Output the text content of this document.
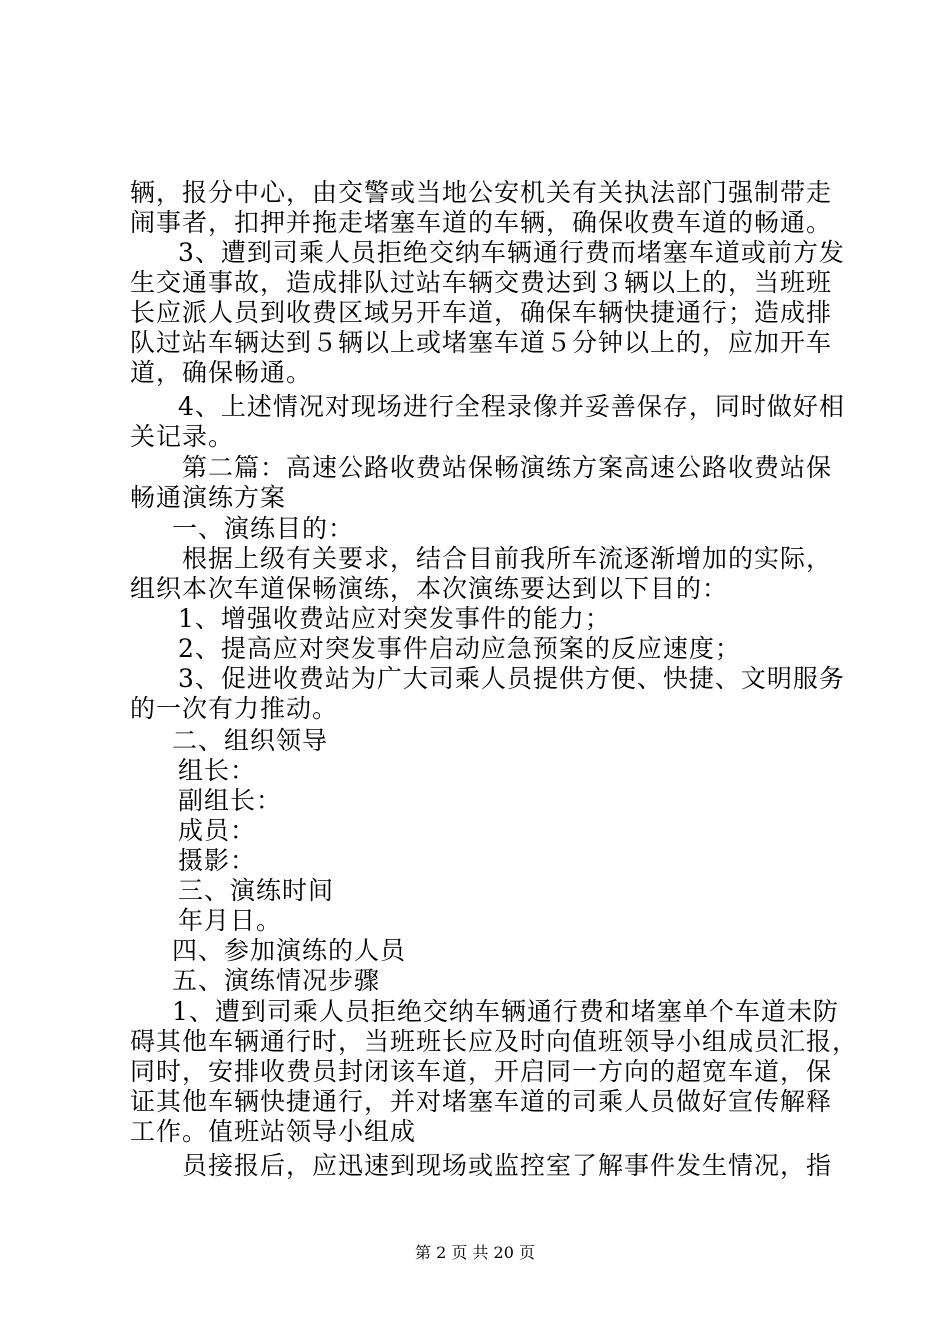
辆，报分中心，由交警或当地公安机关有关执法部门强制带走
闹事者，扣押并拖走堵塞车道的车辆，确保收费车道的畅通。
3、遭到司乘人员拒绝交纳车辆通行费而堵塞车道或前方发
生交通事故，造成排队过站车辆交费达到３辆以上的，当班班
长应派人员到收费区域另开车道，确保车辆快捷通行；造成排
队过站车辆达到５辆以上或堵塞车道５分钟以上的，应加开车
道，确保畅通。
4、上述情况对现场进行全程录像并妥善保存，同时做好相
关记录。
第二篇：高速公路收费站保畅演练方案高速公路收费站保
畅通演练方案
一、演练目的：
根据上级有关要求，结合目前我所车流逐渐增加的实际，
组织本次车道保畅演练，本次演练要达到以下目的：
1、增强收费站应对突发事件的能力；
2、提高应对突发事件启动应急预案的反应速度；
3、促进收费站为广大司乘人员提供方便、快捷、文明服务
的一次有力推动。
二、组织领导
组长：
副组长：
成员：
摄影：
三、演练时间
年月日。
四、参加演练的人员
五、演练情况步骤
1、遭到司乘人员拒绝交纳车辆通行费和堵塞单个车道未防
碍其他车辆通行时，当班班长应及时向值班领导小组成员汇报，
同时，安排收费员封闭该车道，开启同一方向的超宽车道，保
证其他车辆快捷通行，并对堵塞车道的司乘人员做好宣传解释
工作。值班站领导小组成
员接报后，应迅速到现场或监控室了解事件发生情况，指
第 2 页 共 20 页
